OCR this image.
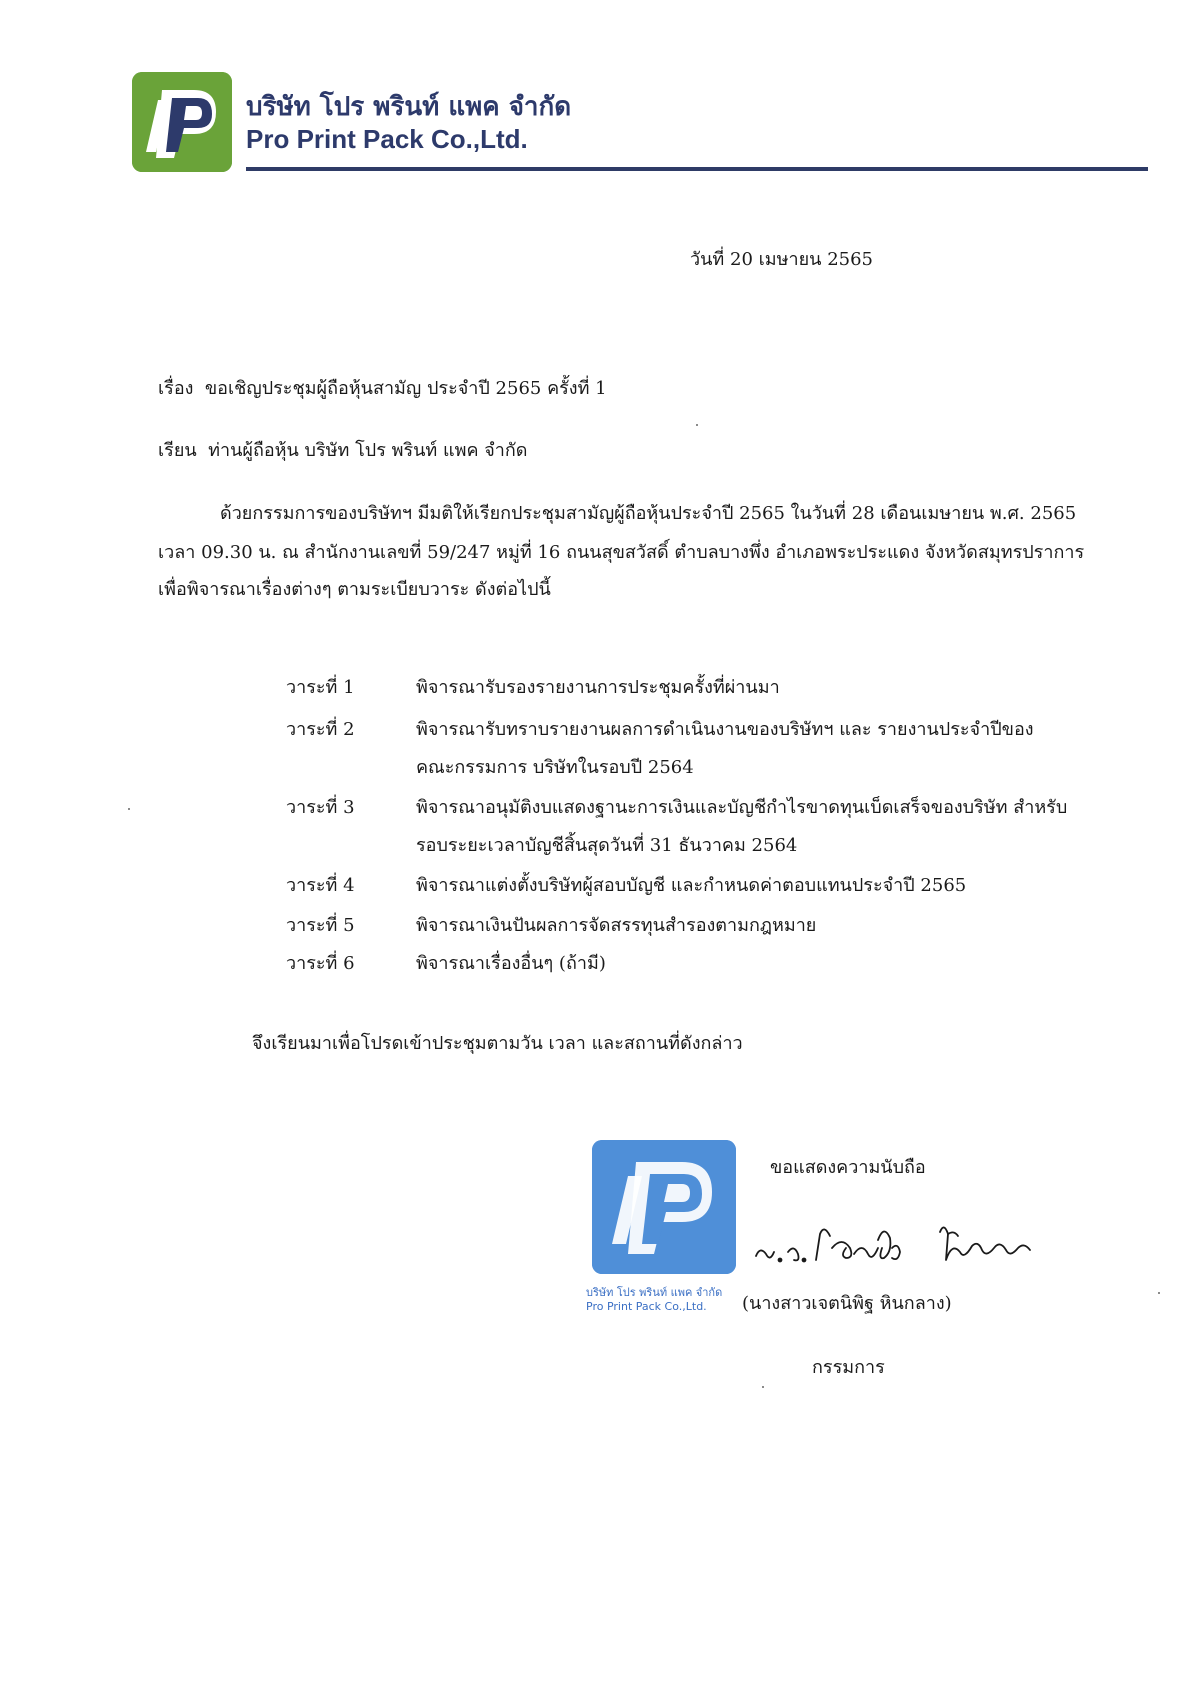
บริษัท โปร พรินท์ แพค จำกัด
Pro Print Pack Co.,Ltd.
วันที่ 20 เมษายน 2565
เรื่อง ขอเชิญประชุมผู้ถือหุ้นสามัญ ประจำปี 2565 ครั้งที่ 1
เรียน ท่านผู้ถือหุ้น บริษัท โปร พรินท์ แพค จำกัด
ด้วยกรรมการของบริษัทฯ มีมติให้เรียกประชุมสามัญผู้ถือหุ้นประจำปี 2565 ในวันที่ 28 เดือนเมษายน พ.ศ. 2565
เวลา 09.30 น. ณ สำนักงานเลขที่ 59/247 หมู่ที่ 16 ถนนสุขสวัสดิ์ ตำบลบางพึ่ง อำเภอพระประแดง จังหวัดสมุทรปราการ
เพื่อพิจารณาเรื่องต่างๆ ตามระเบียบวาระ ดังต่อไปนี้
วาระที่ 1	พิจารณารับรองรายงานการประชุมครั้งที่ผ่านมา
วาระที่ 2	พิจารณารับทราบรายงานผลการดำเนินงานของบริษัทฯ และ รายงานประจำปีของ
คณะกรรมการ บริษัทในรอบปี 2564
วาระที่ 3	พิจารณาอนุมัติงบแสดงฐานะการเงินและบัญชีกำไรขาดทุนเบ็ดเสร็จของบริษัท สำหรับ
รอบระยะเวลาบัญชีสิ้นสุดวันที่ 31 ธันวาคม 2564
วาระที่ 4	พิจารณาแต่งตั้งบริษัทผู้สอบบัญชี และกำหนดค่าตอบแทนประจำปี 2565
วาระที่ 5	พิจารณาเงินปันผลการจัดสรรทุนสำรองตามกฎหมาย
วาระที่ 6	พิจารณาเรื่องอื่นๆ (ถ้ามี)
จึงเรียนมาเพื่อโปรดเข้าประชุมตามวัน เวลา และสถานที่ดังกล่าว
บริษัท โปร พรินท์ แพค จำกัด
Pro Print Pack Co.,Ltd.
ขอแสดงความนับถือ
(นางสาวเจตนิพิฐ หินกลาง)
กรรมการ
